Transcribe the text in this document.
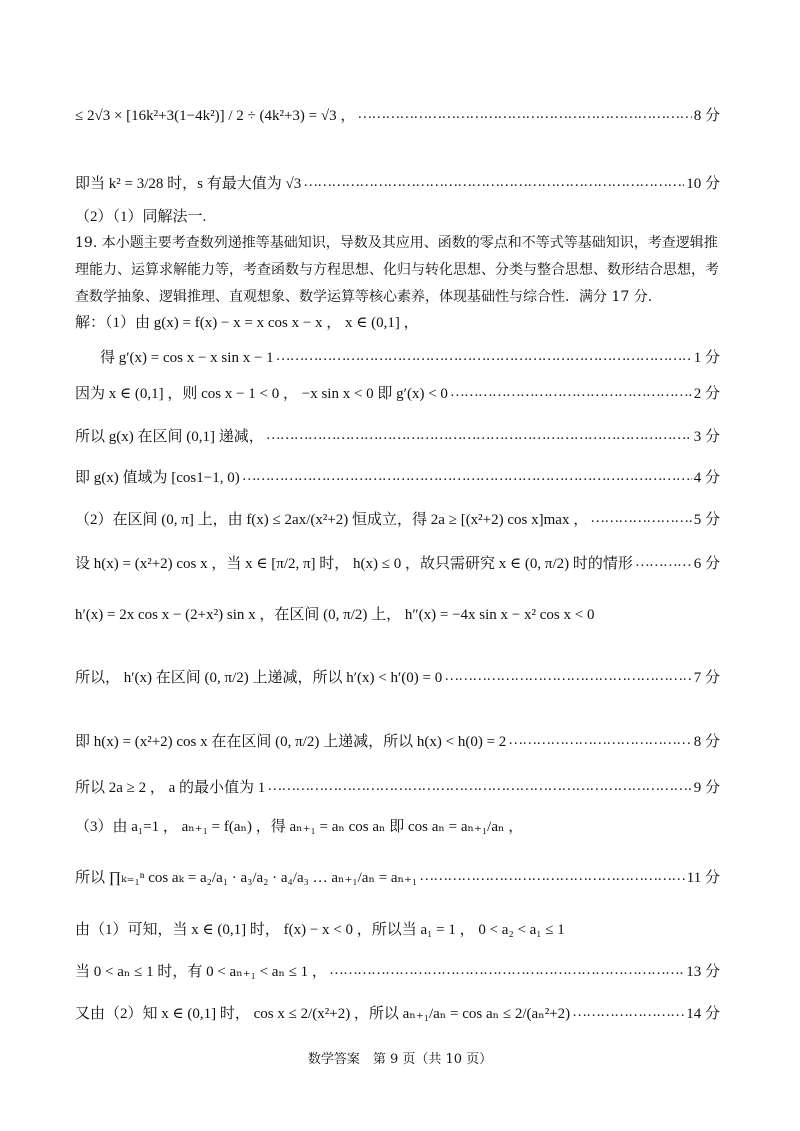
≤ 2√3 × [16k²+3(1−4k²)] / 2 ÷ (4k²+3) = √3 ， ……………………………………………………………………………………………………………………………………………………………………………………………………………………	8 分
即当 k² = 3/28 时，s 有最大值为 √3 ……………………………………………………………………………………………………………………………………………………………………………………………………………………	10 分
（2）（1）同解法一.
19. 本小题主要考查数列递推等基础知识，导数及其应用、函数的零点和不等式等基础知识，考查逻辑推理能力、运算求解能力等，考查函数与方程思想、化归与转化思想、分类与整合思想、数形结合思想，考查数学抽象、逻辑推理、直观想象、数学运算等核心素养，体现基础性与综合性．满分 17 分.
解：（1）由 g(x) = f(x) − x = x cos x − x ， x ∈ (0,1] ，
得 g′(x) = cos x − x sin x − 1 ……………………………………………………………………………………………………………………………………………………………………………………………………………………	1 分
因为 x ∈ (0,1] ，则 cos x − 1 < 0 ， −x sin x < 0 即 g′(x) < 0 ……………………………………………………………………………………………………………………………………………………………………………………………………………………	2 分
所以 g(x) 在区间 (0,1] 递减， ……………………………………………………………………………………………………………………………………………………………………………………………………………………	3 分
即 g(x) 值域为 [cos1−1, 0) ……………………………………………………………………………………………………………………………………………………………………………………………………………………	4 分
（2）在区间 (0, π] 上，由 f(x) ≤ 2ax/(x²+2) 恒成立，得 2a ≥ [(x²+2) cos x]max ， ……………………………………………………………………………………………………………………………………………………………………………………………………………………	5 分
设 h(x) = (x²+2) cos x ，当 x ∈ [π/2, π] 时， h(x) ≤ 0 ，故只需研究 x ∈ (0, π/2) 时的情形 ……………………………………………………………………………………………………………………………………………………………………………………………………………………	6 分
h′(x) = 2x cos x − (2+x²) sin x ，在区间 (0, π/2) 上， h″(x) = −4x sin x − x² cos x < 0
所以， h′(x) 在区间 (0, π/2) 上递减，所以 h′(x) < h′(0) = 0 ……………………………………………………………………………………………………………………………………………………………………………………………………………………	7 分
即 h(x) = (x²+2) cos x 在在区间 (0, π/2) 上递减，所以 h(x) < h(0) = 2 ……………………………………………………………………………………………………………………………………………………………………………………………………………………	8 分
所以 2a ≥ 2 ， a 的最小值为 1 ……………………………………………………………………………………………………………………………………………………………………………………………………………………	9 分
（3）由 a₁=1 ， aₙ₊₁ = f(aₙ) ，得 aₙ₊₁ = aₙ cos aₙ 即 cos aₙ = aₙ₊₁/aₙ ，
所以 ∏ₖ₌₁ⁿ cos aₖ = a₂/a₁ · a₃/a₂ · a₄/a₃ … aₙ₊₁/aₙ = aₙ₊₁ ……………………………………………………………………………………………………………………………………………………………………………………………………………………	11 分
由（1）可知，当 x ∈ (0,1] 时， f(x) − x < 0 ，所以当 a₁ = 1 ， 0 < a₂ < a₁ ≤ 1
当 0 < aₙ ≤ 1 时，有 0 < aₙ₊₁ < aₙ ≤ 1 ， ……………………………………………………………………………………………………………………………………………………………………………………………………………………	13 分
又由（2）知 x ∈ (0,1] 时， cos x ≤ 2/(x²+2) ，所以 aₙ₊₁/aₙ = cos aₙ ≤ 2/(aₙ²+2) ……………………………………………………………………………………………………………………………………………………………………………………………………………………	14 分
数学答案　第 9 页（共 10 页）
